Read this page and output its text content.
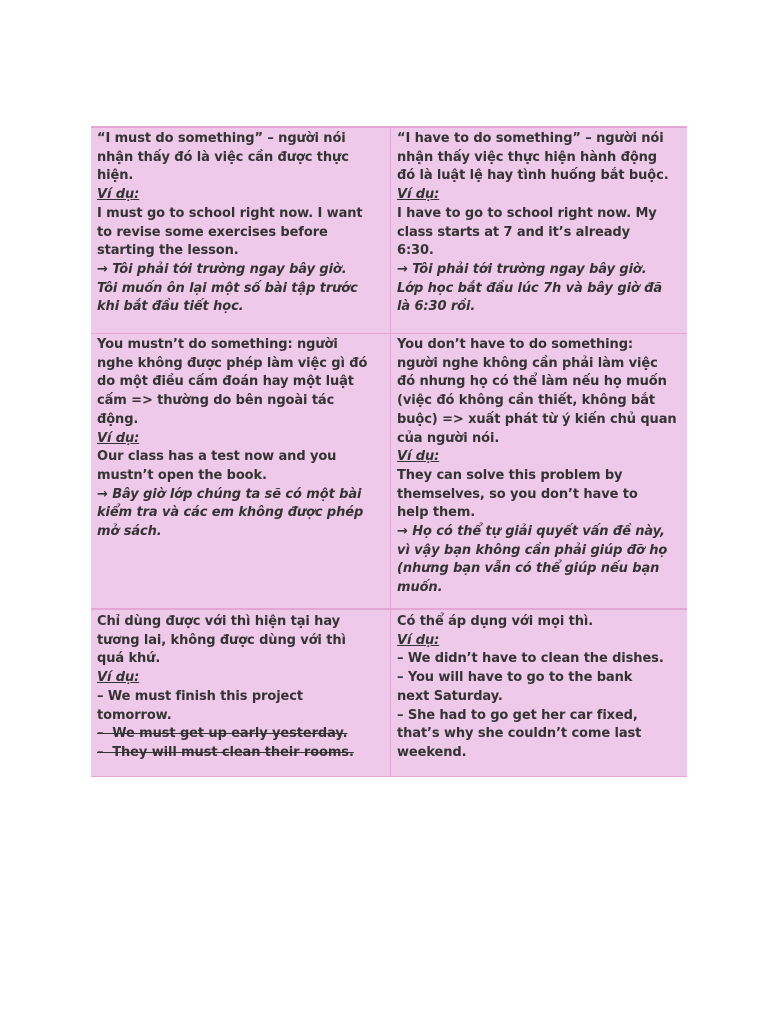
“I must do something” – người nói
nhận thấy đó là việc cần được thực
hiện.
Ví dụ:
I must go to school right now. I want
to revise some exercises before
starting the lesson.
→ Tôi phải tới trường ngay bây giờ.
Tôi muốn ôn lại một số bài tập trước
khi bắt đầu tiết học.
“I have to do something” – người nói
nhận thấy việc thực hiện hành động
đó là luật lệ hay tình huống bắt buộc.
Ví dụ:
I have to go to school right now. My
class starts at 7 and it’s already
6:30.
→ Tôi phải tới trường ngay bây giờ.
Lớp học bắt đầu lúc 7h và bây giờ đã
là 6:30 rồi.
You mustn’t do something: người
nghe không được phép làm việc gì đó
do một điều cấm đoán hay một luật
cấm => thường do bên ngoài tác
động.
Ví dụ:
Our class has a test now and you
mustn’t open the book.
→ Bây giờ lớp chúng ta sẽ có một bài
kiểm tra và các em không được phép
mở sách.
You don’t have to do something:
người nghe không cần phải làm việc
đó nhưng họ có thể làm nếu họ muốn
(việc đó không cần thiết, không bắt
buộc) => xuất phát từ ý kiến chủ quan
của người nói.
Ví dụ:
They can solve this problem by
themselves, so you don’t have to
help them.
→ Họ có thể tự giải quyết vấn đề này,
vì vậy bạn không cần phải giúp đỡ họ
(nhưng bạn vẫn có thể giúp nếu bạn
muốn.
Chỉ dùng được với thì hiện tại hay
tương lai, không được dùng với thì
quá khứ.
Ví dụ:
– We must finish this project
tomorrow.
–  We must get up early yesterday.
–  They will must clean their rooms.
Có thể áp dụng với mọi thì.
Ví dụ:
– We didn’t have to clean the dishes.
– You will have to go to the bank
next Saturday.
– She had to go get her car fixed,
that’s why she couldn’t come last
weekend.
